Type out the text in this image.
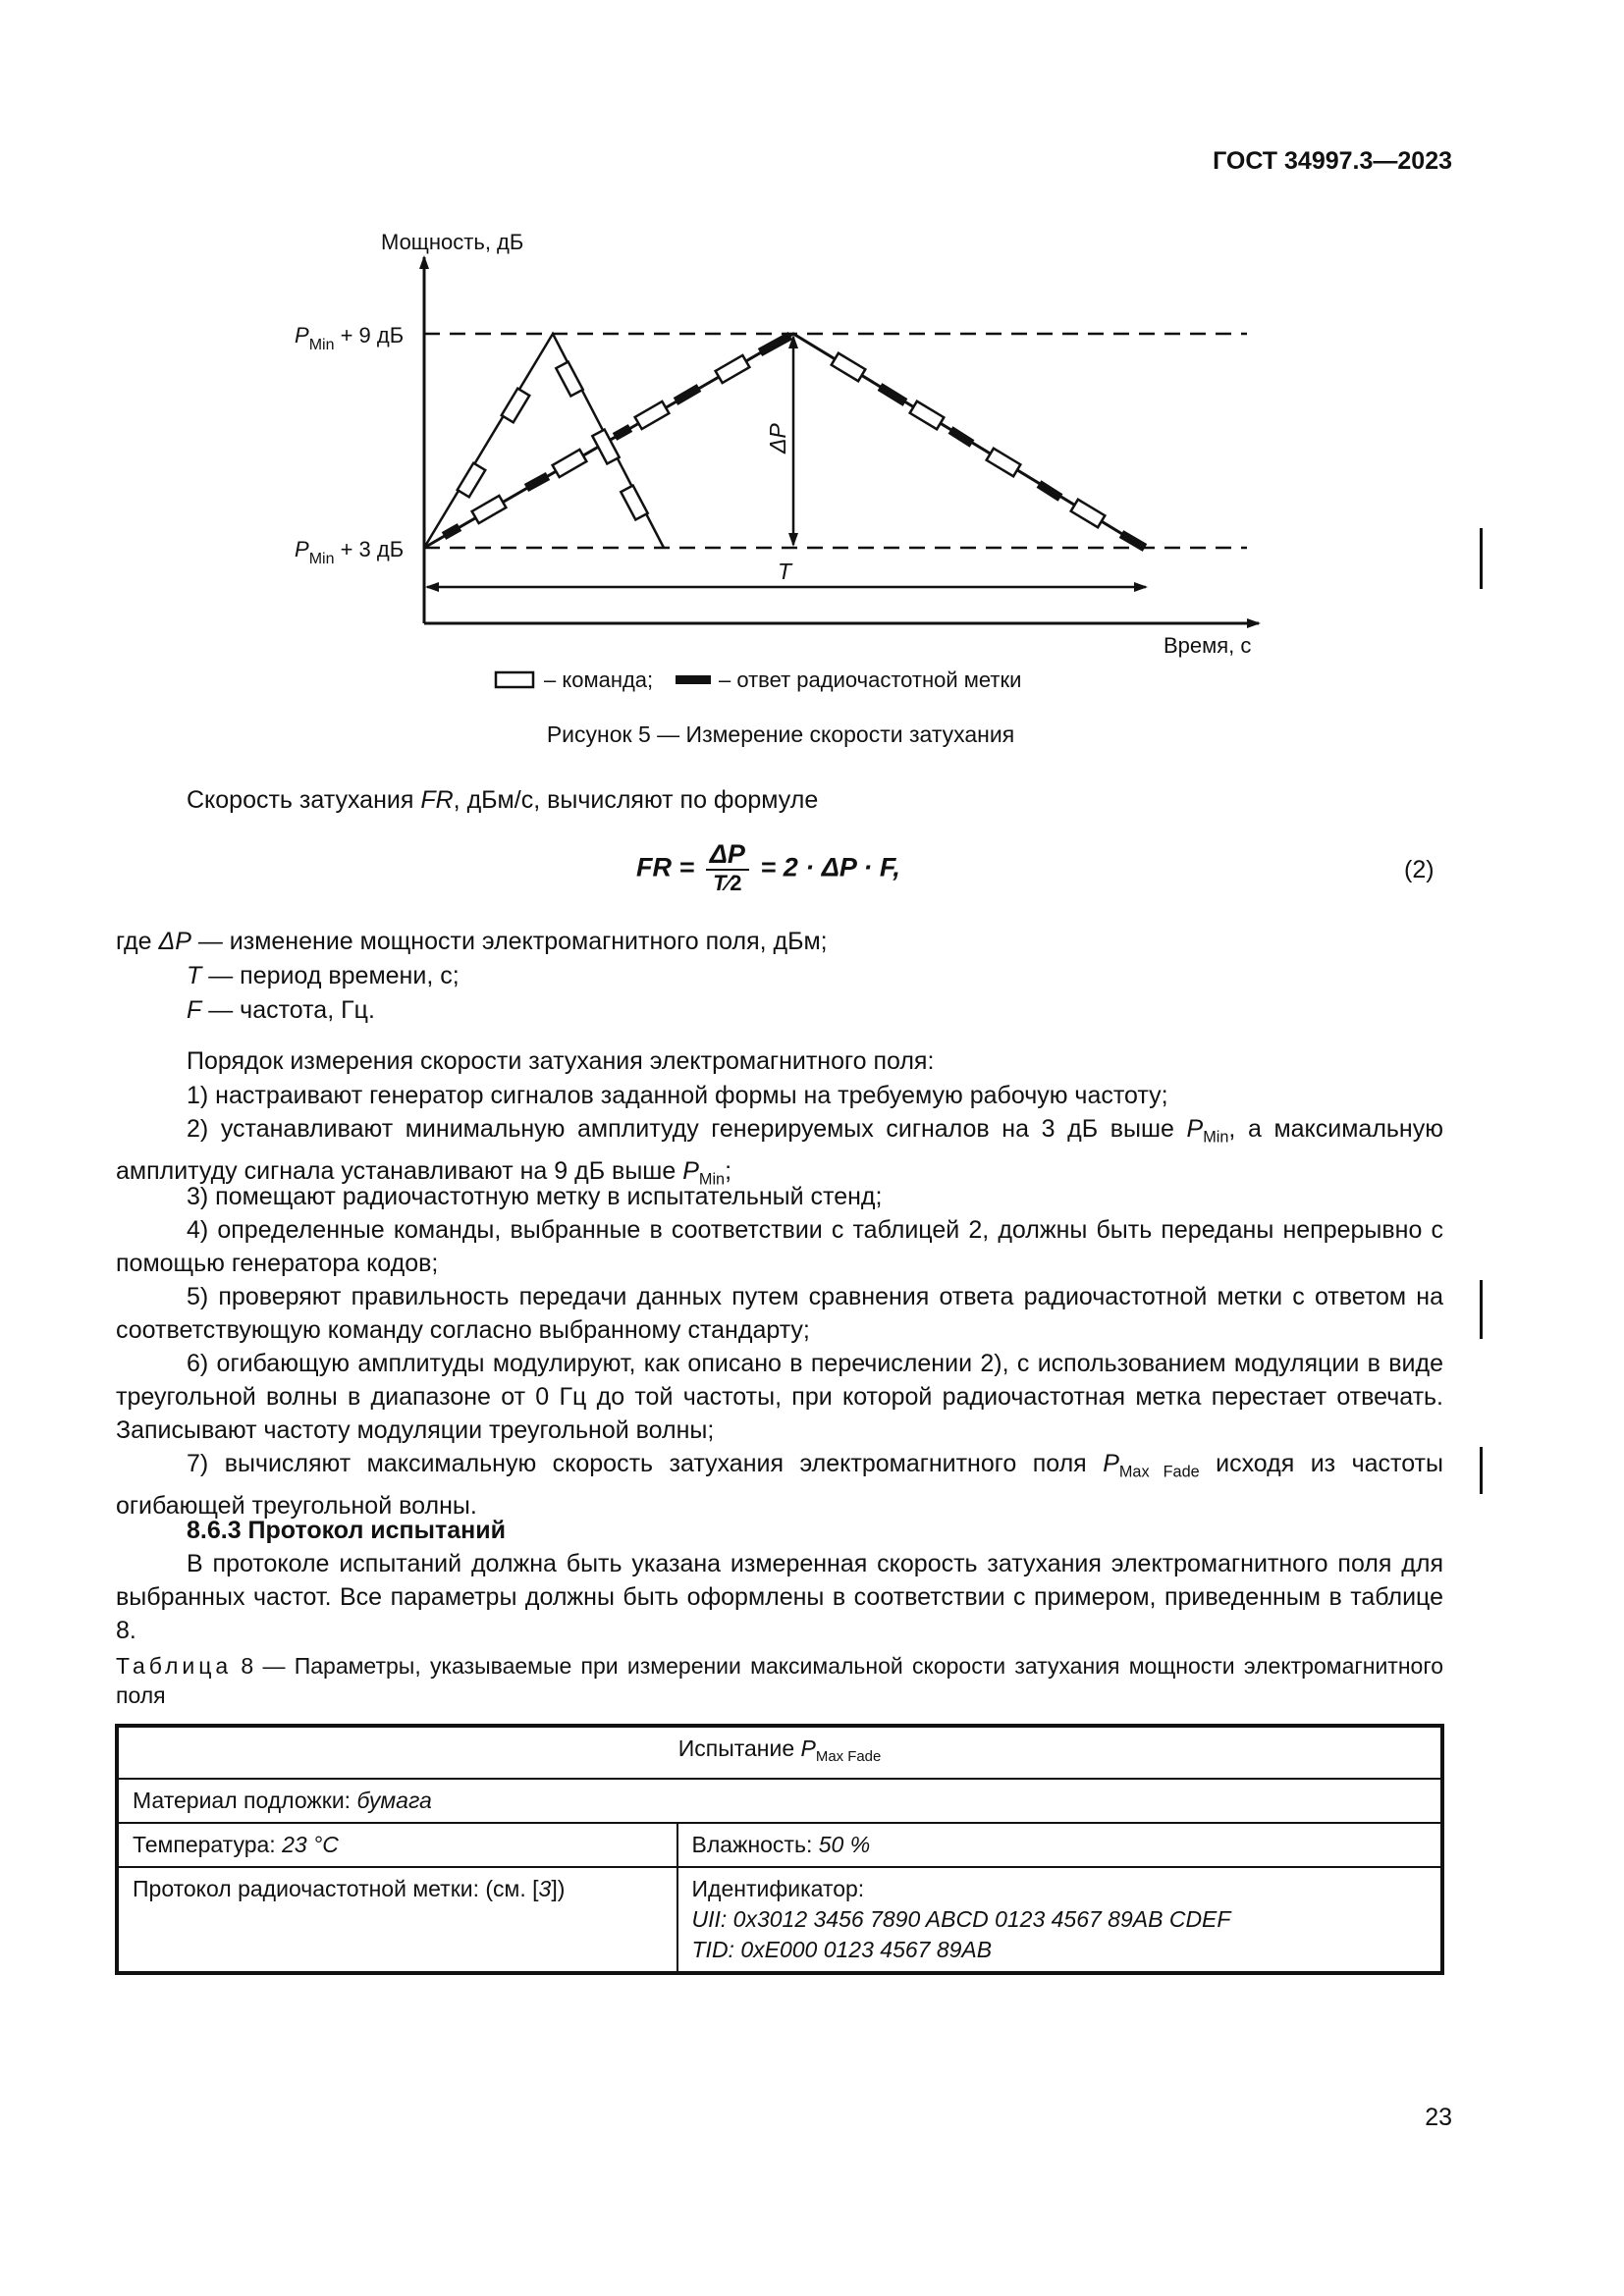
ГОСТ 34997.3—2023
ΔP
T
Мощность, дБ
Время, с
$P_{Min} + 9$ дБ
$P_{Min} + 3$ дБ
– команда;	– ответ радиочастотной метки
Рисунок 5 — Измерение скорости затухания
Скорость затухания FR, дБм/с, вычисляют по формуле
FR = ΔP
T⁄2
= 2 · ΔP · F,	(2)
где ΔP — изменение мощности электромагнитного поля, дБм;
T — период времени, с;
F — частота, Гц.
Порядок измерения скорости затухания электромагнитного поля:
1) настраивают генератор сигналов заданной формы на требуемую рабочую частоту;
2) устанавливают минимальную амплитуду генерируемых сигналов на 3 дБ выше $P_{Min}$, а максимальную амплитуду сигнала устанавливают на 9 дБ выше $P_{Min}$;
3) помещают радиочастотную метку в испытательный стенд;
4) определенные команды, выбранные в соответствии с таблицей 2, должны быть переданы непрерывно с помощью генератора кодов;
5) проверяют правильность передачи данных путем сравнения ответа радиочастотной метки с ответом на соответствующую команду согласно выбранному стандарту;
6) огибающую амплитуды модулируют, как описано в перечислении 2), с использованием модуляции в виде треугольной волны в диапазоне от 0 Гц до той частоты, при которой радиочастотная метка перестает отвечать. Записывают частоту модуляции треугольной волны;
7) вычисляют максимальную скорость затухания электромагнитного поля $P_{Max Fade}$ исходя из частоты огибающей треугольной волны.
8.6.3 Протокол испытаний
В протоколе испытаний должна быть указана измеренная скорость затухания электромагнитного поля для выбранных частот. Все параметры должны быть оформлены в соответствии с примером, приведенным в таблице 8.
Таблица 8 — Параметры, указываемые при измерении максимальной скорости затухания мощности электромагнитного поля
Испытание $P_{Max Fade}$
Материал подложки: бумага	
Температура: 23 °C	Влажность: 50 %
Протокол радиочастотной метки: (см. [3])	Идентификатор:
UII: 0x3012 3456 7890 ABCD 0123 4567 89AB CDEF
TID: 0xE000 0123 4567 89AB
23
